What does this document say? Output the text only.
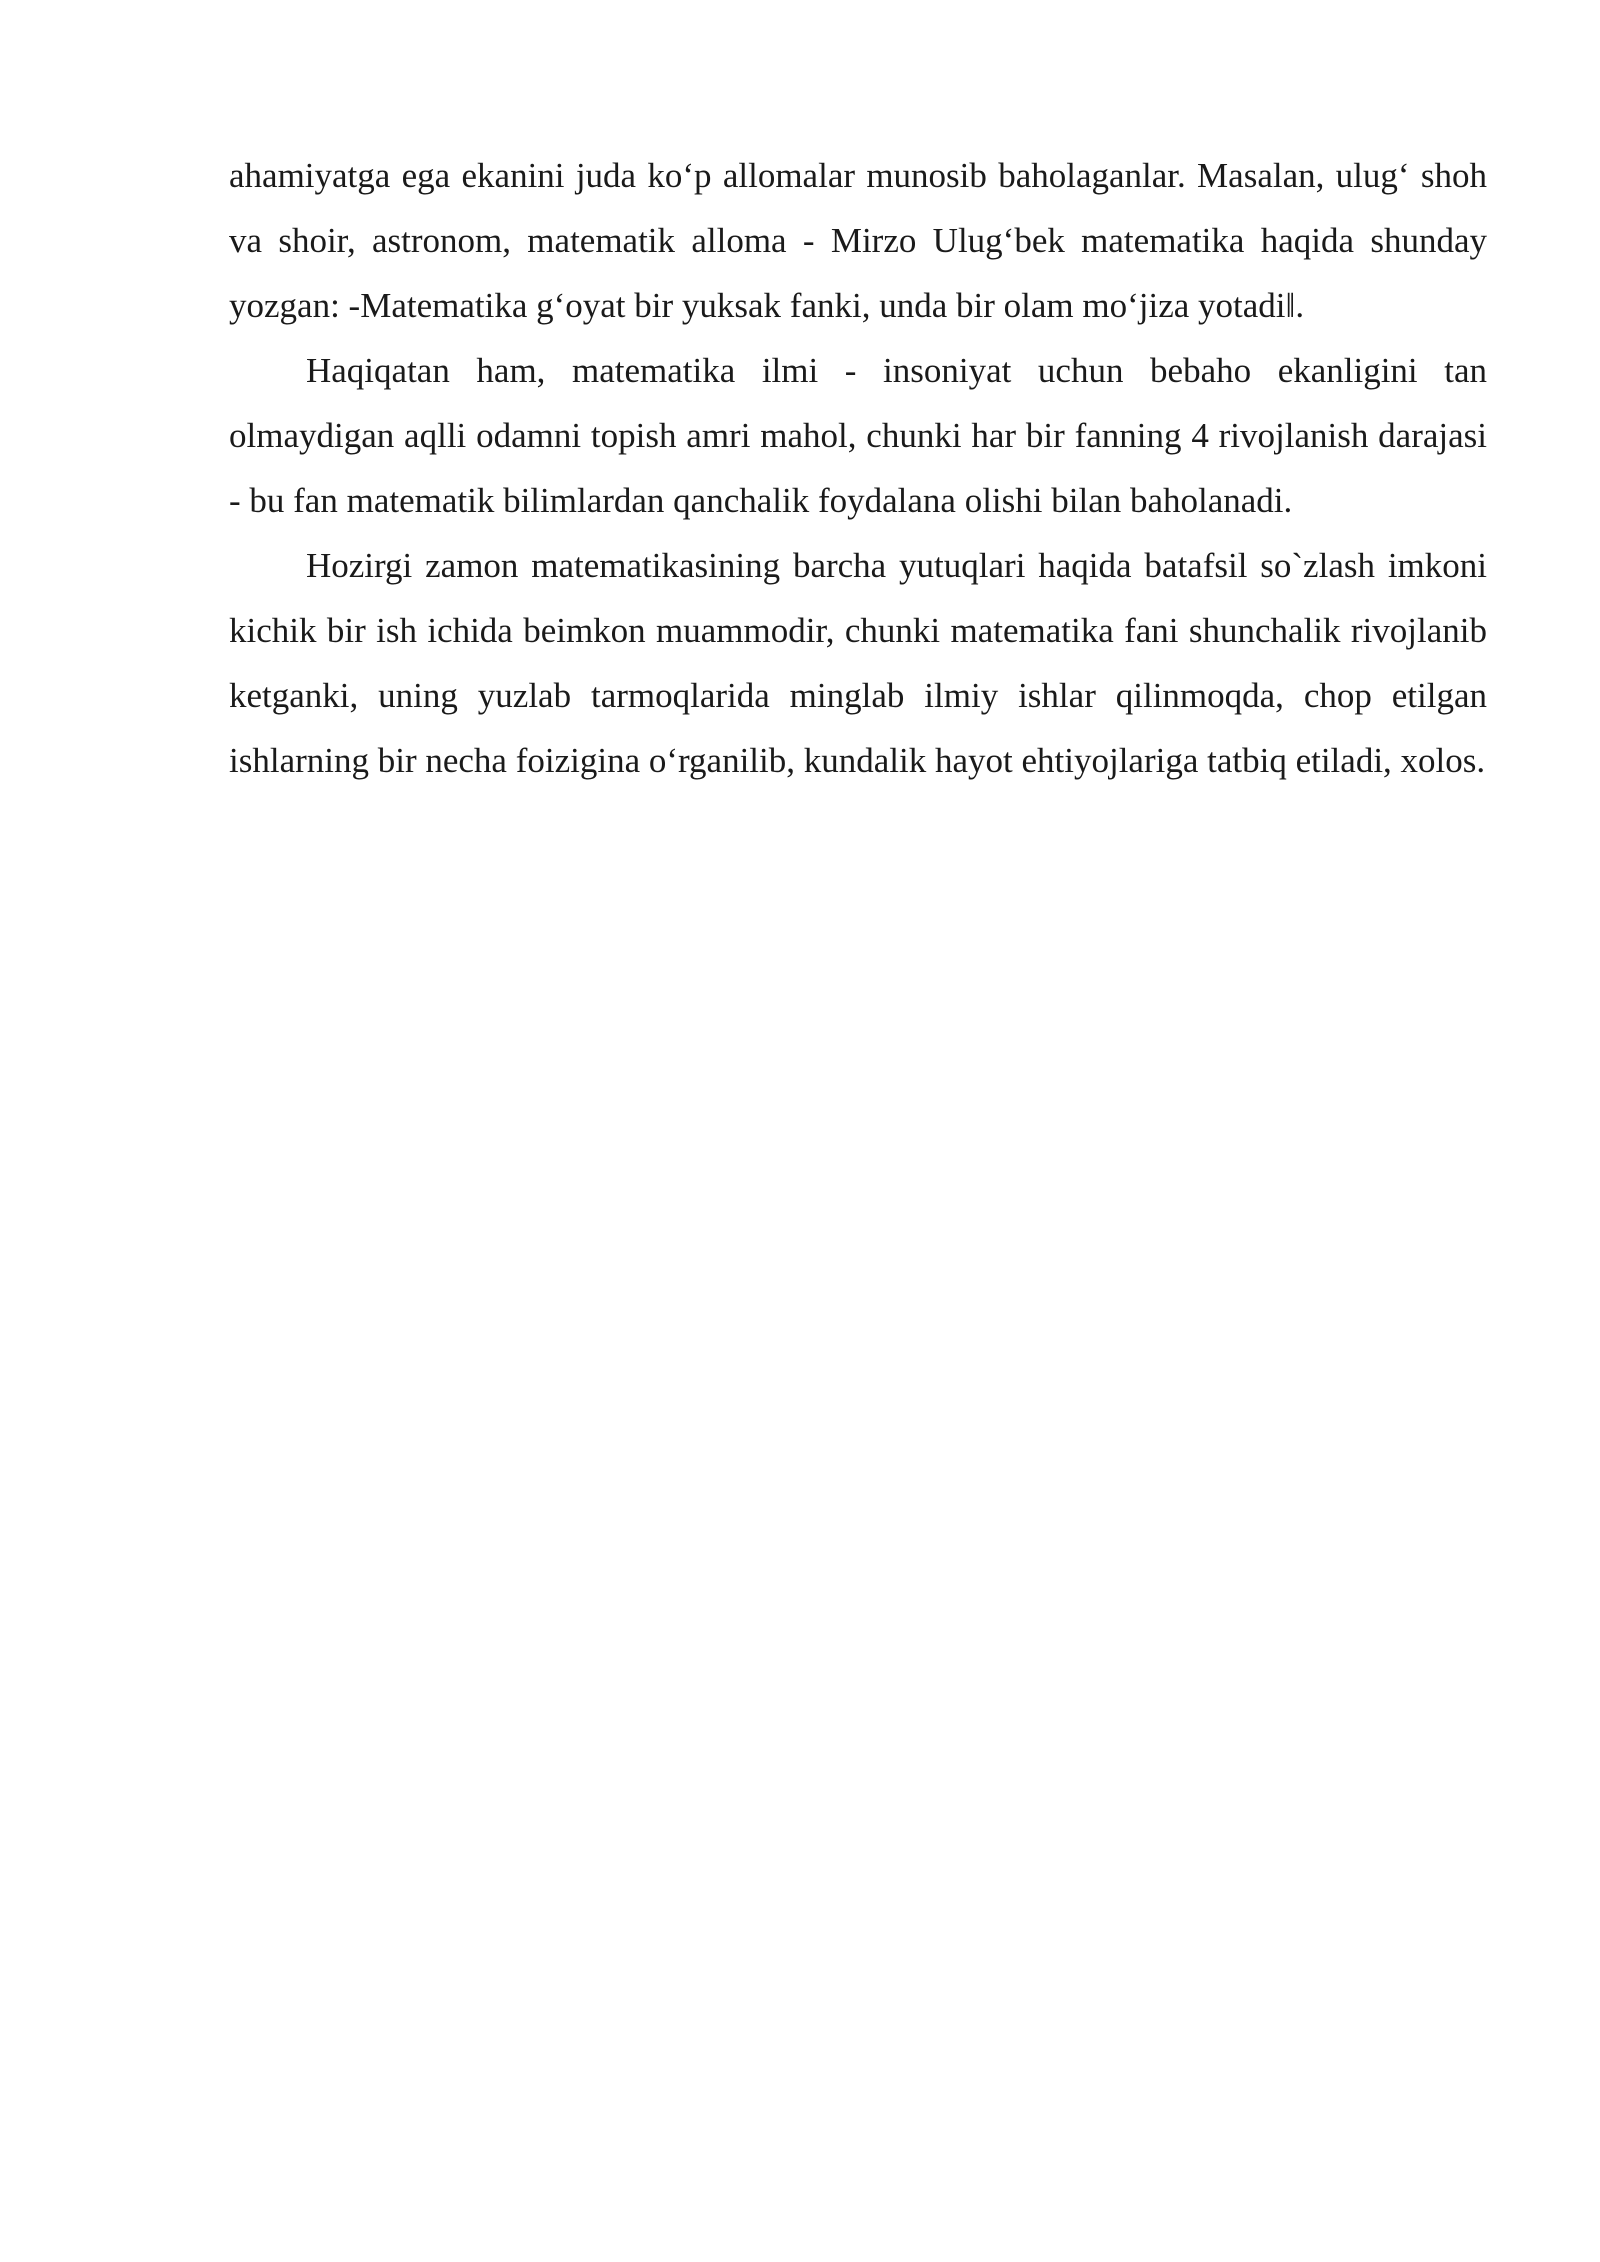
ahamiyatga ega ekanini juda ko‘p allomalar munosib baholaganlar. Masalan, ulug‘ shoh va shoir, astronom, matematik alloma - Mirzo Ulug‘bek matematika haqida shunday yozgan: -Matematika g‘oyat bir yuksak fanki, unda bir olam mo‘jiza yotadi‖.

Haqiqatan ham, matematika ilmi - insoniyat uchun bebaho ekanligini tan olmaydigan aqlli odamni topish amri mahol, chunki har bir fanning 4 rivojlanish darajasi - bu fan matematik bilimlardan qanchalik foydalana olishi bilan baholanadi.

Hozirgi zamon matematikasining barcha yutuqlari haqida batafsil so`zlash imkoni kichik bir ish ichida beimkon muammodir, chunki matematika fani shunchalik rivojlanib ketganki, uning yuzlab tarmoqlarida minglab ilmiy ishlar qilinmoqda, chop etilgan ishlarning bir necha foizigina o‘rganilib, kundalik hayot ehtiyojlariga tatbiq etiladi, xolos.
